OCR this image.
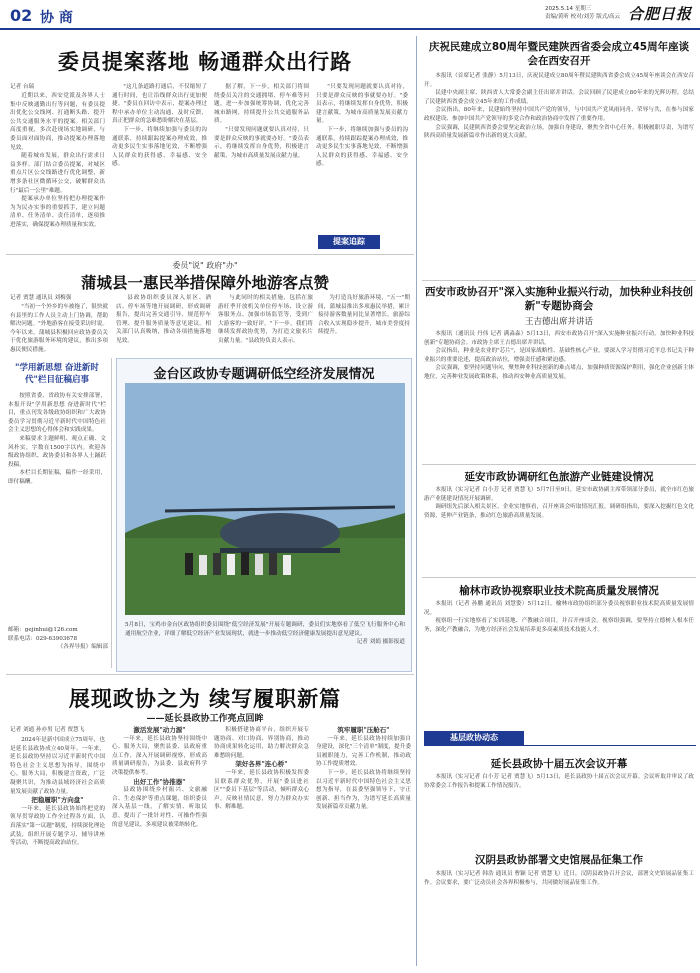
02 协 商
2025.5.14 星期三
责编/黄昕 校对/刘芳 版式/高云 合肥日报
委员提案落地 畅通群众出行路
记者 台瑞

近期以来，西安党派及各界人士集中反映通勤出行等问题，有委员提出优化公交线网、打通断头路、提升公共交通服务水平的提案。相关部门高度重视，多次赴现场实地调研，与委员面对面协商，推动提案办理落地见效。

随着城市发展，群众出行需求日益多样。部门结合委员提案，对城区重点片区公交线路进行优化调整，新增多条社区微循环公交，破解群众出行"最后一公里"难题。

提案承办单位坚持把办理提案作为为民办实事的重要抓手，建立问题清单、任务清单、责任清单，逐项推进落实，确保提案办理质量和实效。

"这几条道路打通后，不仅缩短了通行时间，也让沿线群众出行更加便捷。"委员在回访中表示，提案办理过程中承办单位主动沟通、及时反馈，真正把群众的急难愁盼解决在基层。

下一步，将继续加强与委员的沟通联系，持续跟踪提案办理成效，推动更多民生实事落地见效，不断增强人民群众的获得感、幸福感、安全感。

据了解，下一步，相关部门将围绕委员关注的交通拥堵、停车难等问题，进一步加强统筹协调，优化完善城市路网，持续提升公共交通服务品质。

"只要发现问题就要认真对待，只要是群众反映的事就要办好。"委员表示，将继续发挥自身优势，积极建言献策，为城市高质量发展贡献力量。

"只要发现问题就要认真对待，只要是群众反映的事就要办好。"委员表示，将继续发挥自身优势，积极建言献策，为城市高质量发展贡献力量。

下一步，将继续加强与委员的沟通联系，持续跟踪提案办理成效，推动更多民生实事落地见效，不断增强人民群众的获得感、幸福感、安全感。

提案追踪
委员"说" 政府"办"
蒲城县一惠民举措保障外地游客点赞
记者 贾慧 通讯员 刘梅强

"当初一个外乡的车被拖了，很快就有县里的工作人员主动上门协调，帮助解决问题。"外地游客在接受采访时说。今年以来，蒲城县积极回应政协委员关于优化旅游服务环境的建议，推出多项惠民便民措施。

县政协组织委员深入景区、酒店、停车场等地开展调研，形成调研报告，提出完善交通引导、规范停车管理、提升服务质量等意见建议。相关部门认真吸纳，推动各项措施落地见效。

与此同时的相关措施，包括在旅游旺季开放机关单位停车场、设立游客服务点、加强市场监管等，受到广大游客的一致好评。"下一步，我们将继续发挥政协优势，为打造文旅名片贡献力量。"县政协负责人表示。

为打造良好旅游环境，"五一"期间，蒲城县推出多项惠民举措，累计接待游客数量同比显著增长，旅游综合收入实现稳步提升，城市美誉度持续提升。

"学用新思想 奋进新时代"栏目征稿启事

按照省委、省政协有关安排部署，本报开设"学用新思想 奋进新时代"栏目，重点刊发各级政协组织和广大政协委员学习贯彻习近平新时代中国特色社会主义思想的心得体会和实践成果。

来稿要求主题鲜明、观点正确、文风朴实，字数在1500字以内。欢迎各级政协组织、政协委员和各界人士踊跃投稿。

本栏目长期征稿，稿件一经采用，即付稿酬。

邮箱：gejinhui@126.com
联系电话：029-63903678
《各界导报》编辑部
金台区政协专题调研低空经济发展情况
5月8日，宝鸡市金台区政协组织委员围绕"低空经济发展"开展专题调研，委员们实地察看了低空飞行服务中心和通用航空企业，详细了解低空经济产业发展现状，就进一步推动低空经济健康发展提出意见建议。
记者 刘娟 摄影报道
展现政协之为 续写履职新篇
——延长县政协工作亮点回眸
记者 刘通 孙亦男 记者 贾慧飞

2024年是新中国成立75周年，也是延长县政协成立40周年。一年来，延长县政协坚持以习近平新时代中国特色社会主义思想为指导，围绕中心，服务大局，积极建言资政，广泛凝聚共识，为推动县域经济社会高质量发展贡献了政协力量。

把稳履职"方向盘"

一年来，延长县政协始终把党的领导贯穿政协工作全过程各方面，认真落实"第一议题"制度，持续深化理论武装，组织开展专题学习、辅导讲座等活动，不断提高政治站位。

激活发展"动力源"

一年来，延长县政协坚持围绕中心、服务大局，聚焦县委、县政府重点工作，深入开展调研视察，形成高质量调研报告，为县委、县政府科学决策提供参考。

出好工作"协推器"

县政协围绕乡村振兴、文旅融合、生态保护等重点课题，组织委员深入基层一线，了解实情、听取民意，提出了一批针对性、可操作性强的意见建议，多项建议被采纳转化。

积极搭建协商平台，组织开展专题协商、对口协商、界别协商，推动协商成果转化运用，助力解决群众急难愁盼问题。

架好各界"连心桥"

一年来，延长县政协积极发挥委员联系群众优势，开展"委员进社区""委员下基层"等活动，倾听群众心声，反映社情民意，努力为群众办实事、解难题。

筑牢履职"压舱石"

一年来，延长县政协持续加强自身建设，深化"三个清单"制度，提升委员履职能力，完善工作机制，推动政协工作提质增效。

下一步，延长县政协将继续坚持以习近平新时代中国特色社会主义思想为指导，在县委坚强领导下，守正创新、担当作为，为谱写延长高质量发展新篇章贡献力量。

庆祝民建成立80周年暨民建陕西省委会成立45周年座谈会在西安召开

本报讯（首席记者 张静）5月13日，庆祝民建成立80周年暨民建陕西省委会成立45周年座谈会在西安召开。

民建中央副主席、陕西省人大常委会副主任出席并讲话。会议回顾了民建成立80年来的光辉历程，总结了民建陕西省委会成立45年来的工作成绩。

会议指出，80年来，民建始终坚持中国共产党的领导，与中国共产党风雨同舟、荣辱与共，在参与国家政权建设、参加中国共产党领导的多党合作和政治协商中发挥了重要作用。

会议强调，民建陕西省委会要坚定政治立场，加强自身建设，聚焦全省中心任务，积极履职尽责，为谱写陕西高质量发展新篇章作出新的更大贡献。

西安市政协召开"深入实施种业振兴行动，加快种业科技创新"专题协商会
王吉德出席并讲话

本报讯（通讯员 丹伟 记者 满淼淼）5月13日，西安市政协召开"深入实施种业振兴行动，加快种业科技创新"专题协商会。市政协主席王吉德出席并讲话。

会议指出，种业是农业的"芯片"，是国家战略性、基础性核心产业。要深入学习贯彻习近平总书记关于种业振兴的重要论述，提高政治站位，增强责任感和紧迫感。

会议强调，要坚持问题导向，聚焦种业科技创新的难点堵点，加强种质资源保护利用，强化企业创新主体地位，完善种业发展政策体系，推动西安种业高质量发展。

延安市政协调研红色旅游产业链建设情况

本报讯（实习记者 白小芳 记者 贾慧飞）5月7日至9日，延安市政协副主席带领部分委员，就全市红色旅游产业链建设情况开展调研。

调研组先后深入相关景区、企业实地察看，召开座谈会听取情况汇报。调研组指出，要深入挖掘红色文化资源，延伸产业链条，推动红色旅游高质量发展。

榆林市政协视察职业技术院高质量发展情况

本报讯（记者 孙鹏 通讯员 刘慧姿）5月12日，榆林市政协组织部分委员视察职业技术院高质量发展情况。

视察组一行实地察看了实训基地、产教融合项目，并召开座谈会。视察组强调，要坚持立德树人根本任务，深化产教融合，为地方经济社会发展培养更多高素质技术技能人才。

基层政协动态
延长县政协十届五次会议开幕

本报讯（实习记者 白小芳 记者 贾慧飞）5月13日，延长县政协十届五次会议开幕。会议听取并审议了政协常委会工作报告和提案工作情况报告。

汉阴县政协部署文史馆展品征集工作

本报讯（实习记者 韩浩 通讯员 曹颖 记者 贾慧飞）近日，汉阴县政协召开会议，部署文史馆展品征集工作。会议要求，要广泛动员社会各界积极参与，共同做好展品征集工作。
